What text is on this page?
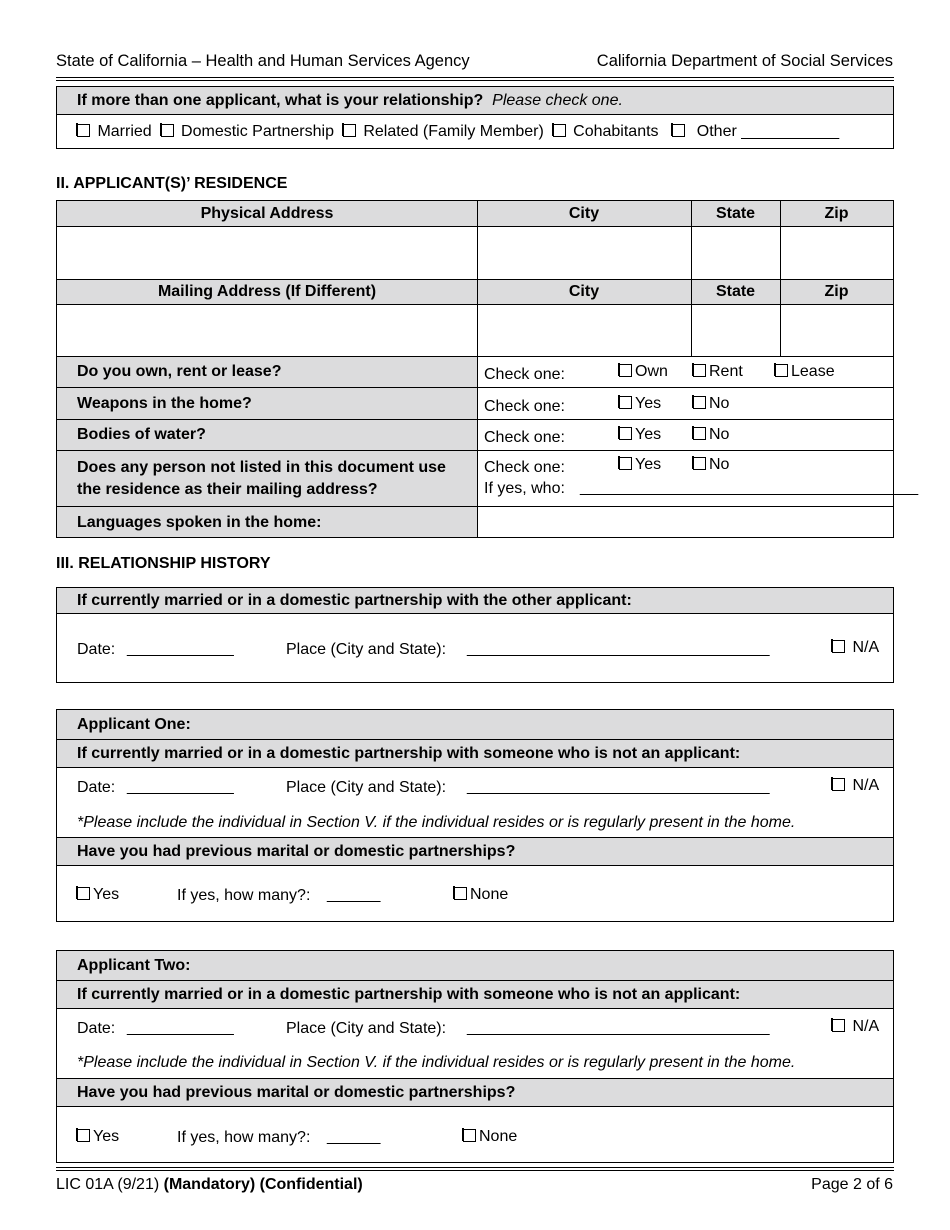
State of California – Health and Human Services Agency	California Department of Social Services
If more than one applicant, what is your relationship? Please check one.
Married Domestic Partnership Related (Family Member) Cohabitants Other ___________
II. APPLICANT(S)’ RESIDENCE
Physical Address	City	State	Zip
Mailing Address (If Different)	City	State	Zip
Do you own, rent or lease?	Check one:	Own	Rent	Lease
Weapons in the home?	Check one:	Yes	No
Bodies of water?	Check one:	Yes	No
Does any person not listed in this document use
the residence as their mailing address?
Check one:	Yes	No
If yes, who: ______________________________________
Languages spoken in the home:
III. RELATIONSHIP HISTORY
If currently married or in a domestic partnership with the other applicant:
Date: ____________	Place (City and State): __________________________________	N/A
Applicant One:
If currently married or in a domestic partnership with someone who is not an applicant:
Date: ____________	Place (City and State): __________________________________	N/A
*Please include the individual in Section V. if the individual resides or is regularly present in the home.
Have you had previous marital or domestic partnerships?
Yes	If yes, how many?: ______	None
Applicant Two:
If currently married or in a domestic partnership with someone who is not an applicant:
Date: ____________	Place (City and State): __________________________________	N/A
*Please include the individual in Section V. if the individual resides or is regularly present in the home.
Have you had previous marital or domestic partnerships?
Yes	If yes, how many?: ______	None
LIC 01A (9/21) (Mandatory) (Confidential)	Page 2 of 6
